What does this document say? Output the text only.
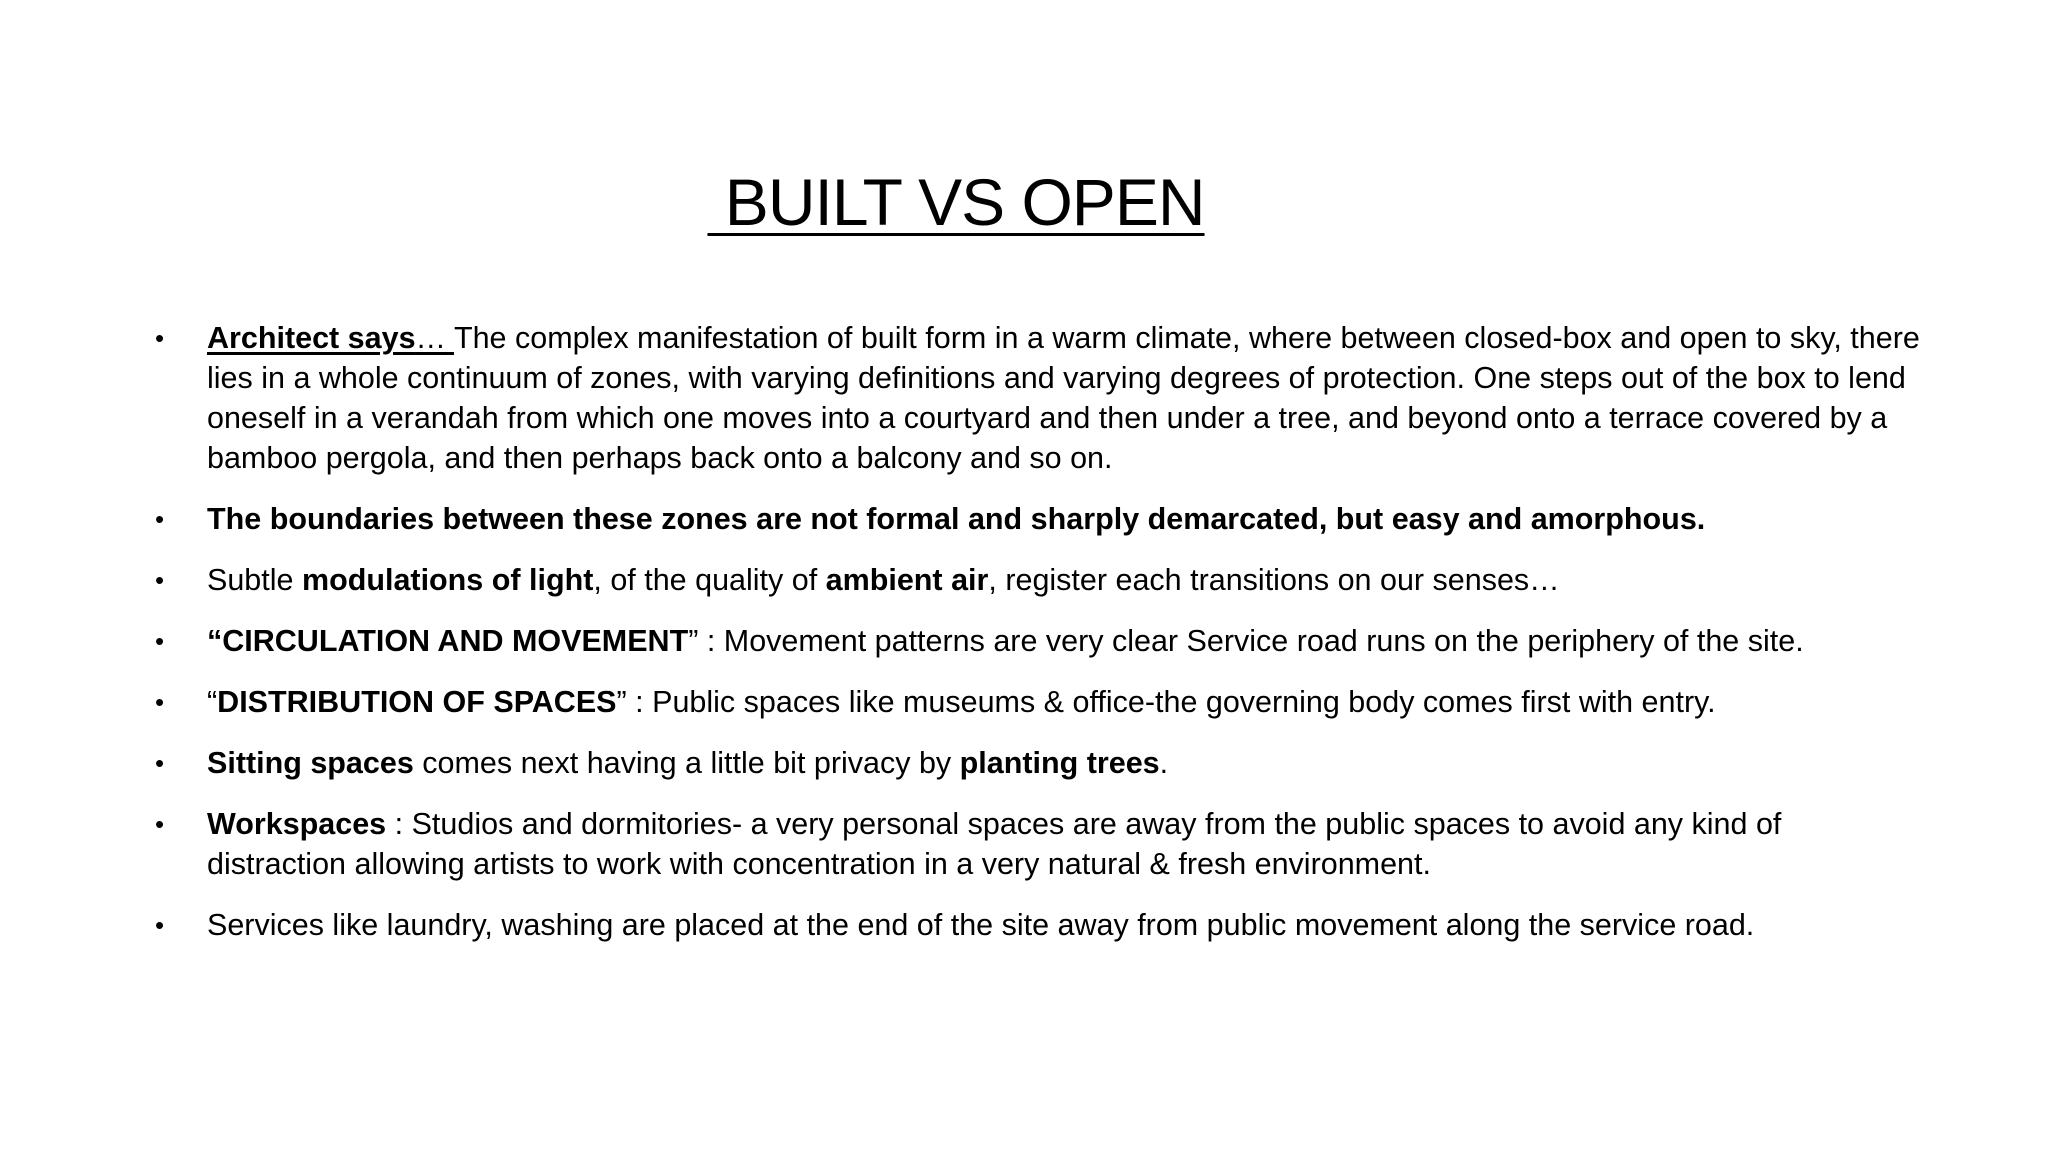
BUILT VS OPEN
• Architect says… The complex manifestation of built form in a warm climate, where between closed-box and open to sky, there lies in a whole continuum of zones, with varying definitions and varying degrees of protection. One steps out of the box to lend oneself in a verandah from which one moves into a courtyard and then under a tree, and beyond onto a terrace covered by a bamboo pergola, and then perhaps back onto a balcony and so on.
• The boundaries between these zones are not formal and sharply demarcated, but easy and amorphous.
• Subtle modulations of light, of the quality of ambient air, register each transitions on our senses…
• “CIRCULATION AND MOVEMENT” : Movement patterns are very clear Service road runs on the periphery of the site.
• “DISTRIBUTION OF SPACES” : Public spaces like museums & office-the governing body comes first with entry.
• Sitting spaces comes next having a little bit privacy by planting trees.
• Workspaces : Studios and dormitories- a very personal spaces are away from the public spaces to avoid any kind of distraction allowing artists to work with concentration in a very natural & fresh environment.
• Services like laundry, washing are placed at the end of the site away from public movement along the service road.
